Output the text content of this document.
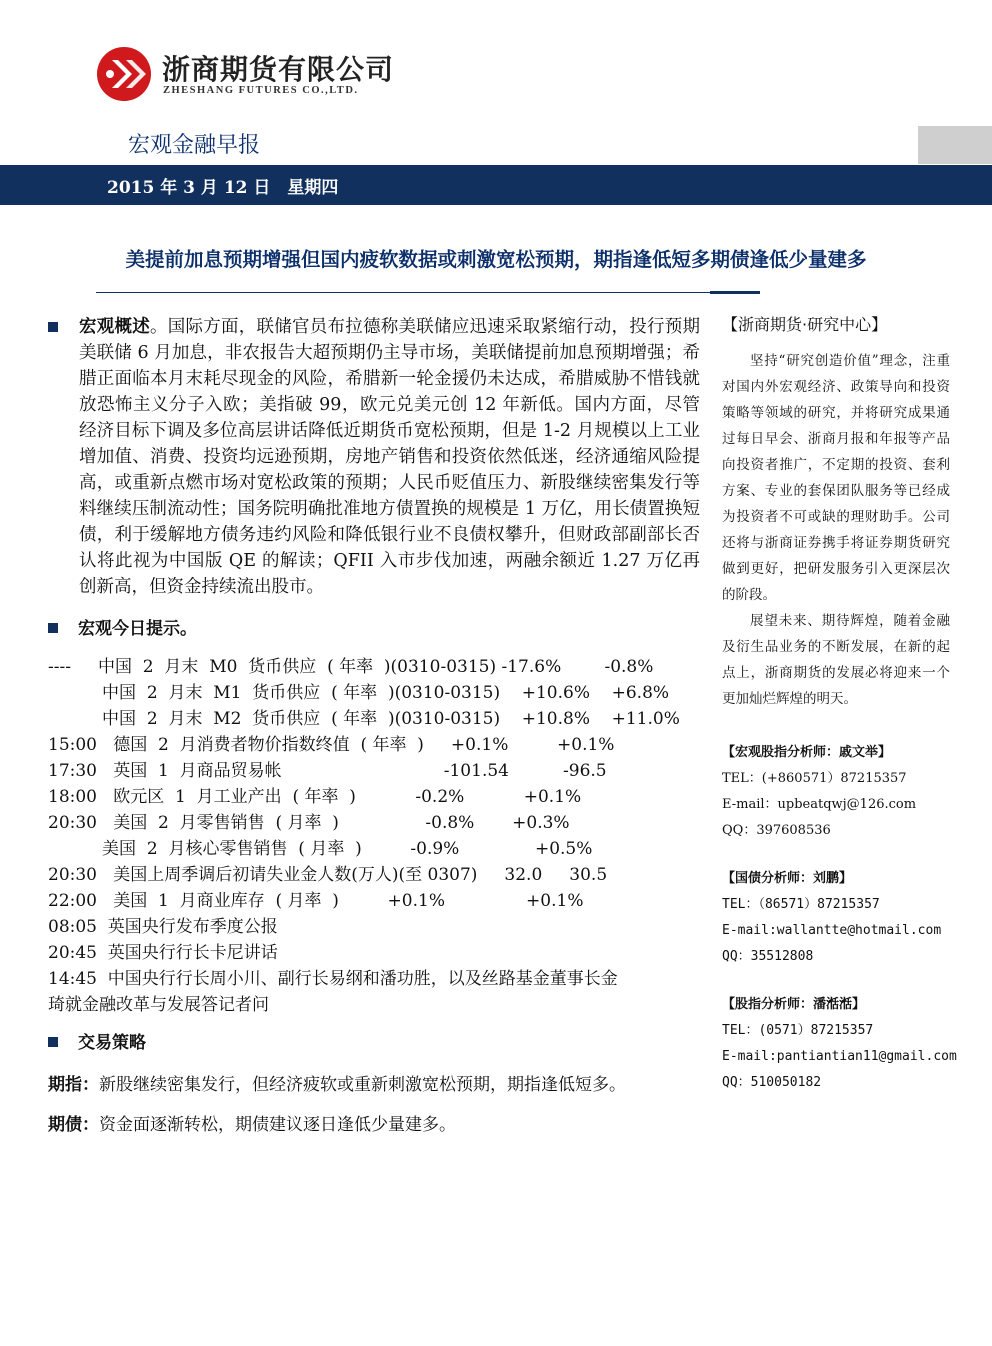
浙商期货有限公司
ZHESHANG FUTURES CO.,LTD.
宏观金融早报
2015 年 3 月 12 日　星期四
美提前加息预期增强但国内疲软数据或刺激宽松预期，期指逢低短多期债逢低少量建多
宏观概述。国际方面，联储官员布拉德称美联储应迅速采取紧缩行动，投行预期美联储 6 月加息，非农报告大超预期仍主导市场，美联储提前加息预期增强；希腊正面临本月末耗尽现金的风险，希腊新一轮金援仍未达成，希腊威胁不惜钱就放恐怖主义分子入欧；美指破 99，欧元兑美元创 12 年新低。国内方面，尽管经济目标下调及多位高层讲话降低近期货币宽松预期，但是 1-2 月规模以上工业增加值、消费、投资均远逊预期，房地产销售和投资依然低迷，经济通缩风险提高，或重新点燃市场对宽松政策的预期；人民币贬值压力、新股继续密集发行等料继续压制流动性；国务院明确批准地方债置换的规模是 1 万亿，用长债置换短债，利于缓解地方债务违约风险和降低银行业不良债权攀升，但财政部副部长否认将此视为中国版 QE 的解读；QFII 入市步伐加速，两融余额近 1.27 万亿再创新高，但资金持续流出股市。
宏观今日提示。
----     中国  2  月末  M0  货币供应  ( 年率  )(0310-0315) -17.6%        -0.8%
中国  2  月末  M1  货币供应  ( 年率  )(0310-0315)    +10.6%    +6.8%
中国  2  月末  M2  货币供应  ( 年率  )(0310-0315)    +10.8%    +11.0%
15:00   德国  2  月消费者物价指数终值  ( 年率  )     +0.1%         +0.1%
17:30   英国  1  月商品贸易帐                              -101.54          -96.5
18:00   欧元区  1  月工业产出  ( 年率  )           -0.2%           +0.1%
20:30   美国  2  月零售销售  ( 月率  )                -0.8%       +0.3%
美国  2  月核心零售销售  ( 月率  )         -0.9%              +0.5%
20:30   美国上周季调后初请失业金人数(万人)(至 0307)     32.0     30.5
22:00   美国  1  月商业库存  ( 月率  )         +0.1%               +0.1%
08:05  英国央行发布季度公报
20:45  英国央行行长卡尼讲话
14:45  中国央行行长周小川、副行长易纲和潘功胜，以及丝路基金董事长金
琦就金融改革与发展答记者问
交易策略
期指：新股继续密集发行，但经济疲软或重新刺激宽松预期，期指逢低短多。
期债：资金面逐渐转松，期债建议逐日逢低少量建多。
【浙商期货·研究中心】

坚持“研究创造价值”理念，注重对国内外宏观经济、政策导向和投资策略等领域的研究，并将研究成果通过每日早会、浙商月报和年报等产品向投资者推广，不定期的投资、套利方案、专业的套保团队服务等已经成为投资者不可或缺的理财助手。公司还将与浙商证券携手将证券期货研究做到更好，把研发服务引入更深层次的阶段。

展望未来、期待辉煌，随着金融及衍生品业务的不断发展，在新的起点上，浙商期货的发展必将迎来一个更加灿烂辉煌的明天。

【宏观股指分析师：戚文举】
TEL：(+860571）87215357
E-mail：upbeatqwj@126.com
QQ：397608536
【国债分析师：刘鹏】
TEL：（86571）87215357
E-mail:wallantte@hotmail.com
QQ：35512808
【股指分析师：潘湉湉】
TEL：(0571）87215357
E-mail:pantiantian11@gmail.com
QQ：510050182
